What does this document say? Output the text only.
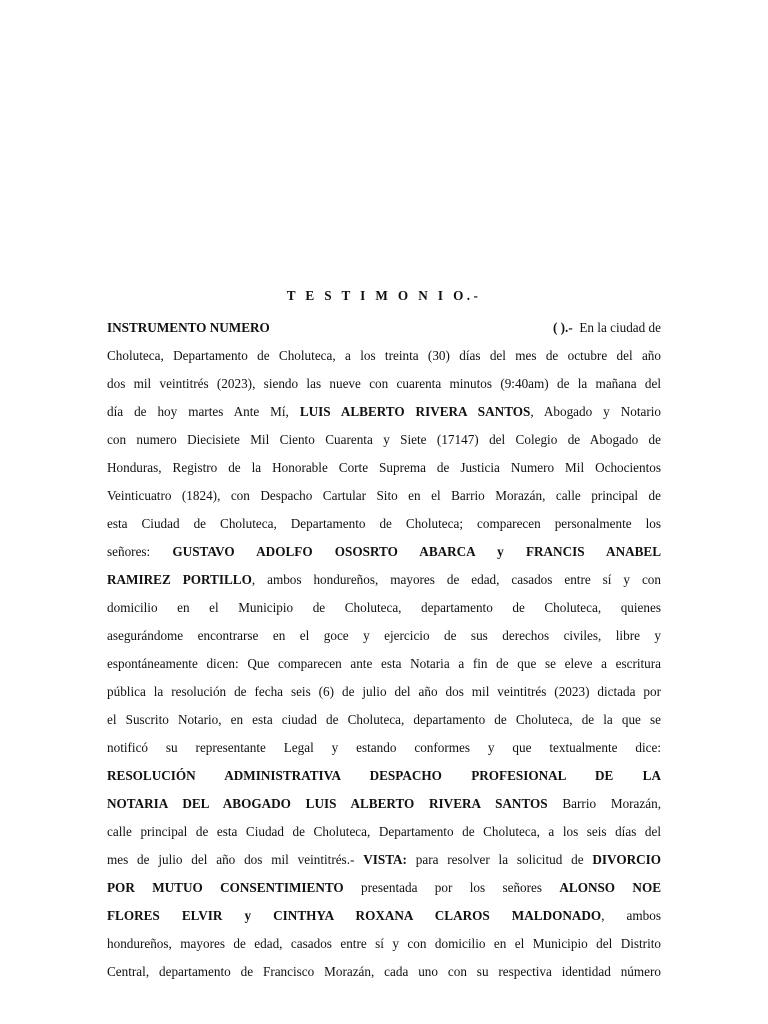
T E S T I M O N I O.-
INSTRUMENTO NUMERO	( ).- En la ciudad de
Choluteca, Departamento de Choluteca, a los treinta (30) días del mes de octubre del año
dos mil veintitrés (2023), siendo las nueve con cuarenta minutos (9:40am) de la mañana del
día de hoy martes Ante Mí, LUIS ALBERTO RIVERA SANTOS, Abogado y Notario
con numero Diecisiete Mil Ciento Cuarenta y Siete (17147) del Colegio de Abogado de
Honduras, Registro de la Honorable Corte Suprema de Justicia Numero Mil Ochocientos
Veinticuatro (1824), con Despacho Cartular Sito en el Barrio Morazán, calle principal de
esta Ciudad de Choluteca, Departamento de Choluteca; comparecen personalmente los
señores: GUSTAVO ADOLFO OSOSRTO ABARCA y FRANCIS ANABEL
RAMIREZ PORTILLO, ambos hondureños, mayores de edad, casados entre sí y con
domicilio en el Municipio de Choluteca, departamento de Choluteca, quienes
asegurándome encontrarse en el goce y ejercicio de sus derechos civiles, libre y
espontáneamente dicen: Que comparecen ante esta Notaria a fin de que se eleve a escritura
pública la resolución de fecha seis (6) de julio del año dos mil veintitrés (2023) dictada por
el Suscrito Notario, en esta ciudad de Choluteca, departamento de Choluteca, de la que se
notificó su representante Legal y estando conformes y que textualmente dice:
RESOLUCIÓN ADMINISTRATIVA DESPACHO PROFESIONAL DE LA
NOTARIA DEL ABOGADO LUIS ALBERTO RIVERA SANTOS Barrio Morazán,
calle principal de esta Ciudad de Choluteca, Departamento de Choluteca, a los seis días del
mes de julio del año dos mil veintitrés.- VISTA: para resolver la solicitud de DIVORCIO
POR MUTUO CONSENTIMIENTO presentada por los señores ALONSO NOE
FLORES ELVIR y CINTHYA ROXANA CLAROS MALDONADO, ambos
hondureños, mayores de edad, casados entre sí y con domicilio en el Municipio del Distrito
Central, departamento de Francisco Morazán, cada uno con su respectiva identidad número
